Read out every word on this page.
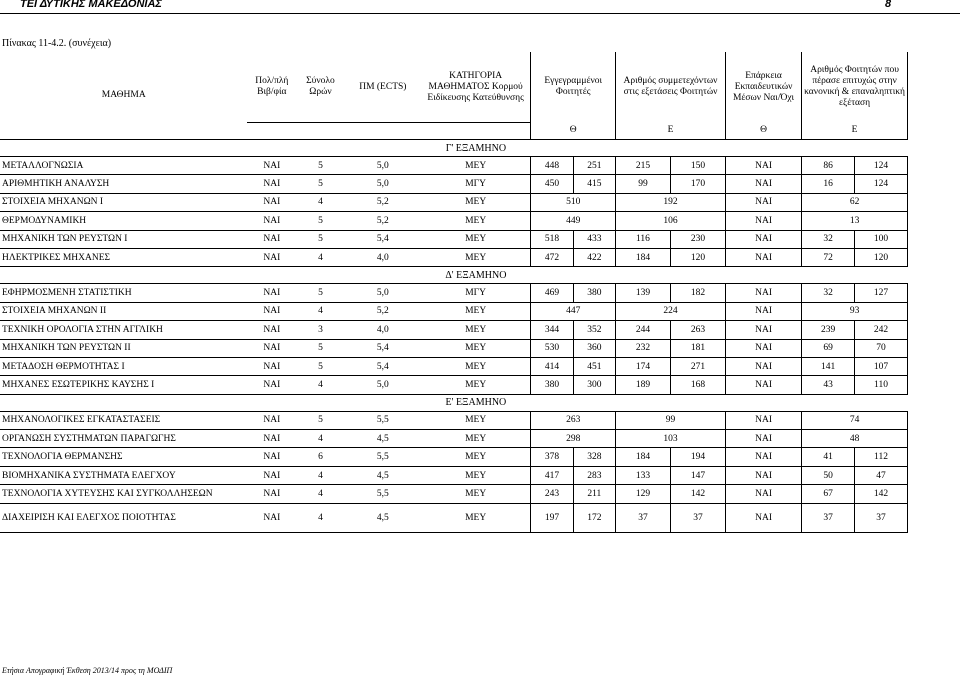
ΤΕΙ ΔΥΤΙΚΗΣ ΜΑΚΕΔΟΝΙΑΣ	8
Πίνακας 11-4.2. (συνέχεια)
ΜΑΘΗΜΑ	Πολ/πλή Βιβ/φία	Σύνολο Ωρών	ΠΜ (ECTS)	ΚΑΤΗΓΟΡΙΑ ΜΑΘΗΜΑΤΟΣ Κορμού Ειδίκευσης Κατεύθυνσης	Εγγεγραμμένοι Φοιτητές		Αριθμός συμμετεχόντων στις εξετάσεις Φοιτητών		Επάρκεια Εκπαιδευτικών Μέσων Ναι/Όχι	Αριθμός Φοιτητών που πέρασε επιτυχώς στην κανονική & επαναληπτική εξέταση	
					Θ		Ε		Θ	Ε	
				Γ' ΕΞΑΜΗΝΟ							
ΜΕΤΑΛΛΟΓΝΩΣΙΑ	ΝΑΙ	5	5,0	ΜΕΥ	448	251	215	150	ΝΑΙ	86	124
ΑΡΙΘΜΗΤΙΚΗ ΑΝΑΛΥΣΗ	ΝΑΙ	5	5,0	ΜΓΥ	450	415	99	170	ΝΑΙ	16	124
ΣΤΟΙΧΕΙΑ ΜΗΧΑΝΩΝ Ι	ΝΑΙ	4	5,2	ΜΕΥ	510		192		ΝΑΙ	62	
ΘΕΡΜΟΔΥΝΑΜΙΚΗ	ΝΑΙ	5	5,2	ΜΕΥ	449		106		ΝΑΙ	13	
ΜΗΧΑΝΙΚΗ ΤΩΝ ΡΕΥΣΤΩΝ Ι	ΝΑΙ	5	5,4	ΜΕΥ	518	433	116	230	ΝΑΙ	32	100
ΗΛΕΚΤΡΙΚΕΣ ΜΗΧΑΝΕΣ	ΝΑΙ	4	4,0	ΜΕΥ	472	422	184	120	ΝΑΙ	72	120
				Δ' ΕΞΑΜΗΝΟ							
ΕΦΗΡΜΟΣΜΕΝΗ ΣΤΑΤΙΣΤΙΚΗ	ΝΑΙ	5	5,0	ΜΓΥ	469	380	139	182	ΝΑΙ	32	127
ΣΤΟΙΧΕΙΑ ΜΗΧΑΝΩΝ ΙΙ	ΝΑΙ	4	5,2	ΜΕΥ	447		224		ΝΑΙ	93	
ΤΕΧΝΙΚΗ ΟΡΟΛΟΓΙΑ ΣΤΗΝ ΑΓΓΛΙΚΗ	ΝΑΙ	3	4,0	ΜΕΥ	344	352	244	263	ΝΑΙ	239	242
ΜΗΧΑΝΙΚΗ ΤΩΝ ΡΕΥΣΤΩΝ ΙΙ	ΝΑΙ	5	5,4	ΜΕΥ	530	360	232	181	ΝΑΙ	69	70
ΜΕΤΑΔΟΣΗ ΘΕΡΜΟΤΗΤΑΣ Ι	ΝΑΙ	5	5,4	ΜΕΥ	414	451	174	271	ΝΑΙ	141	107
ΜΗΧΑΝΕΣ ΕΣΩΤΕΡΙΚΗΣ ΚΑΥΣΗΣ Ι	ΝΑΙ	4	5,0	ΜΕΥ	380	300	189	168	ΝΑΙ	43	110
				Ε' ΕΞΑΜΗΝΟ							
ΜΗΧΑΝΟΛΟΓΙΚΕΣ ΕΓΚΑΤΑΣΤΑΣΕΙΣ	ΝΑΙ	5	5,5	ΜΕΥ	263		99		ΝΑΙ	74	
ΟΡΓΑΝΩΣΗ ΣΥΣΤΗΜΑΤΩΝ ΠΑΡΑΓΩΓΗΣ	ΝΑΙ	4	4,5	ΜΕΥ	298		103		ΝΑΙ	48	
ΤΕΧΝΟΛΟΓΙΑ ΘΕΡΜΑΝΣΗΣ	ΝΑΙ	6	5,5	ΜΕΥ	378	328	184	194	ΝΑΙ	41	112
ΒΙΟΜΗΧΑΝΙΚΑ ΣΥΣΤΗΜΑΤΑ ΕΛΕΓΧΟΥ	ΝΑΙ	4	4,5	ΜΕΥ	417	283	133	147	ΝΑΙ	50	47
ΤΕΧΝΟΛΟΓΙΑ ΧΥΤΕΥΣΗΣ ΚΑΙ ΣΥΓΚΟΛΛΗΣΕΩΝ	ΝΑΙ	4	5,5	ΜΕΥ	243	211	129	142	ΝΑΙ	67	142
ΔΙΑΧΕΙΡΙΣΗ ΚΑΙ ΕΛΕΓΧΟΣ ΠΟΙΟΤΗΤΑΣ	ΝΑΙ	4	4,5	ΜΕΥ	197	172	37	37	ΝΑΙ	37	37
Ετήσια Απογραφική Έκθεση 2013/14 προς τη ΜΟΔΙΠ
